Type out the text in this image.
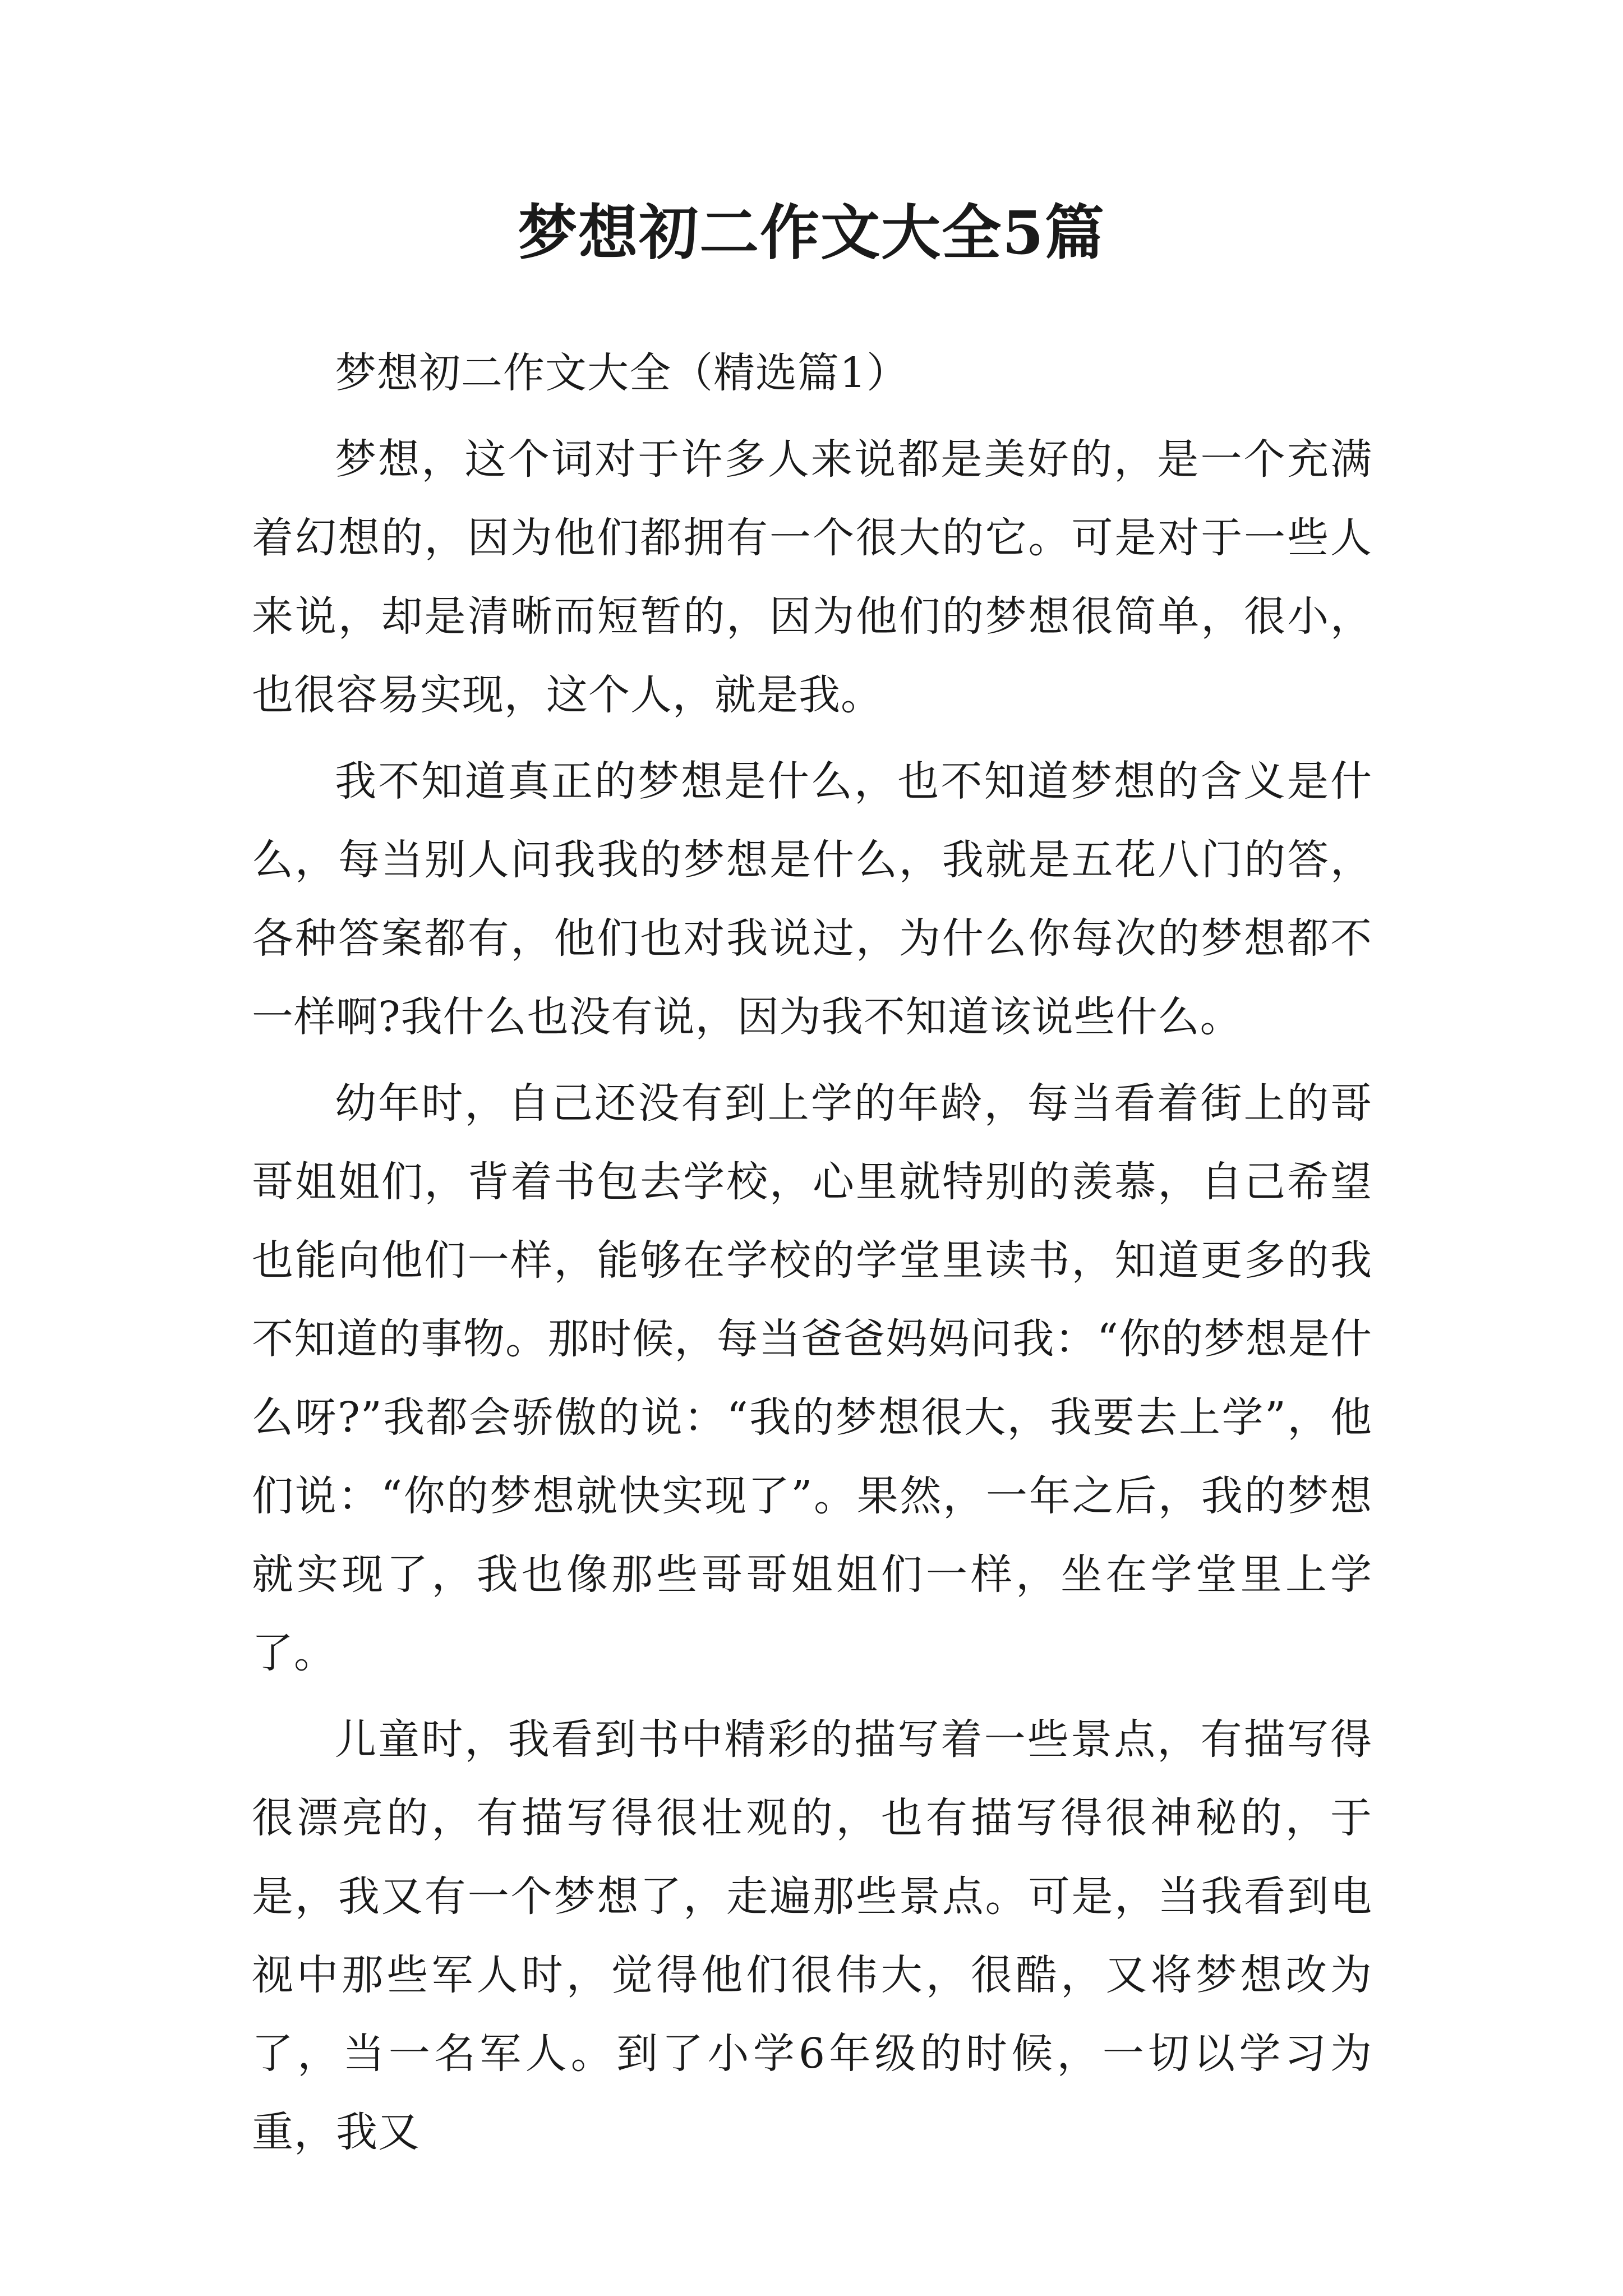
梦想初二作文大全5篇

梦想初二作文大全（精选篇1）

梦想，这个词对于许多人来说都是美好的，是一个充满着幻想的，因为他们都拥有一个很大的它。可是对于一些人来说，却是清晰而短暂的，因为他们的梦想很简单，很小，也很容易实现，这个人，就是我。

我不知道真正的梦想是什么，也不知道梦想的含义是什么，每当别人问我我的梦想是什么，我就是五花八门的答，各种答案都有，他们也对我说过，为什么你每次的梦想都不一样啊?我什么也没有说，因为我不知道该说些什么。

幼年时，自己还没有到上学的年龄，每当看着街上的哥哥姐姐们，背着书包去学校，心里就特别的羡慕，自己希望也能向他们一样，能够在学校的学堂里读书，知道更多的我不知道的事物。那时候，每当爸爸妈妈问我：“你的梦想是什么呀?”我都会骄傲的说：“我的梦想很大，我要去上学”，他们说：“你的梦想就快实现了”。果然，一年之后，我的梦想就实现了，我也像那些哥哥姐姐们一样，坐在学堂里上学了。

儿童时，我看到书中精彩的描写着一些景点，有描写得很漂亮的，有描写得很壮观的，也有描写得很神秘的，于是，我又有一个梦想了，走遍那些景点。可是，当我看到电视中那些军人时，觉得他们很伟大，很酷，又将梦想改为了，当一名军人。到了小学6年级的时候，一切以学习为重，我又
